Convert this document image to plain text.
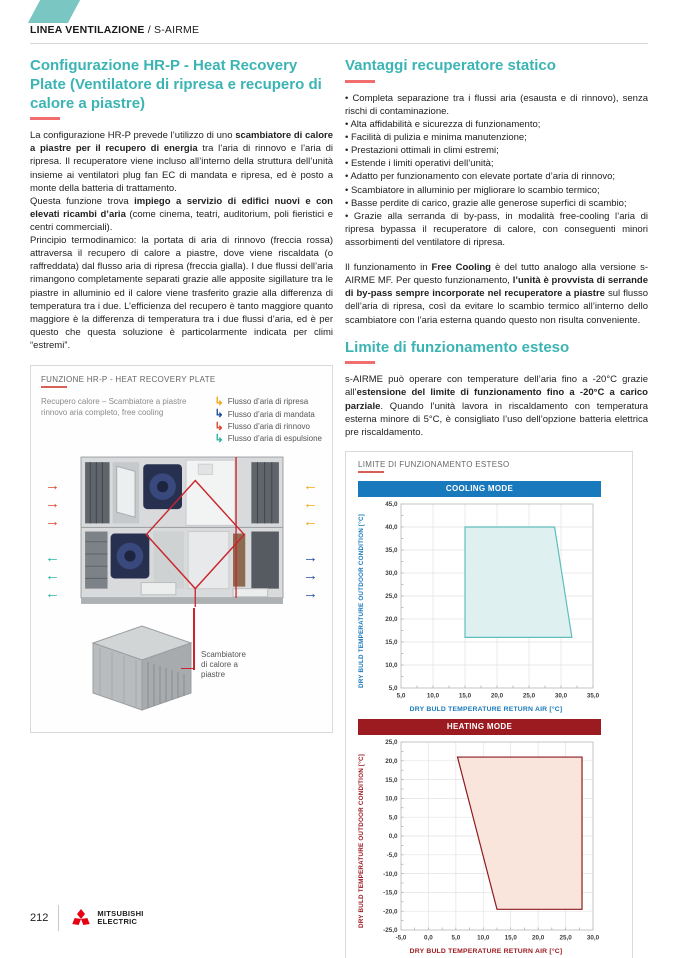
LINEA VENTILAZIONE / S-AIRME
Configurazione HR-P - Heat Recovery Plate (Ventilatore di ripresa e recupero di calore a piastre)

La configurazione HR-P prevede l’utilizzo di uno scambiatore di calore a piastre per il recupero di energia tra l’aria di rinnovo e l’aria di ripresa. Il recuperatore viene incluso all’interno della struttura dell’unità insieme ai ventilatori plug fan EC di mandata e ripresa, ed è posto a monte della batteria di trattamento.

Questa funzione trova impiego a servizio di edifici nuovi e con elevati ricambi d’aria (come cinema, teatri, auditorium, poli fieristici e centri commerciali).

Principio termodinamico: la portata di aria di rinnovo (freccia rossa) attraversa il recupero di calore a piastre, dove viene riscaldata (o raffreddata) dal flusso aria di ripresa (freccia gialla). I due flussi dell’aria rimangono completamente separati grazie alle apposite sigillature tra le piastre in alluminio ed il calore viene trasferito grazie alla differenza di temperatura tra i due. L’efficienza del recupero è tanto maggiore quanto maggiore è la differenza di temperatura tra i due flussi d’aria, ed è per questo che questa soluzione è particolarmente indicata per climi “estremi”.

FUNZIONE HR-P - HEAT RECOVERY PLATE
Recupero calore – Scambiatore a piastre
rinnovo aria completo, free cooling
↳ Flusso d’aria di ripresa
↳ Flusso d’aria di mandata
↳ Flusso d’aria di rinnovo
↳ Flusso d’aria di espulsione
→
→
→
←
←
←
←
←
←
→
→
→
Scambiatore
di calore a
piastre
Vantaggi recuperatore statico
• Completa separazione tra i flussi aria (esausta e di rinnovo), senza rischi di contaminazione.
• Alta affidabilità e sicurezza di funzionamento;
• Facilità di pulizia e minima manutenzione;
• Prestazioni ottimali in climi estremi;
• Estende i limiti operativi dell’unità;
• Adatto per funzionamento con elevate portate d’aria di rinnovo;
• Scambiatore in alluminio per migliorare lo scambio termico;
• Basse perdite di carico, grazie alle generose superfici di scambio;
• Grazie alla serranda di by-pass, in modalità free-cooling l’aria di ripresa bypassa il recuperatore di calore, con conseguenti minori assorbimenti del ventilatore di ripresa.

Il funzionamento in Free Cooling è del tutto analogo alla versione s-AIRME MF. Per questo funzionamento, l’unità è provvista di serrande di by-pass sempre incorporate nel recuperatore a piastre sul flusso dell’aria di ripresa, così da evitare lo scambio termico all’interno dello scambiatore con l’aria esterna quando questo non risulta conveniente.

Limite di funzionamento esteso

s-AIRME può operare con temperature dell’aria fino a -20°C grazie all’estensione del limite di funzionamento fino a -20°C a carico parziale. Quando l’unità lavora in riscaldamento con temperatura esterna minore di 5°C, è consigliato l’uso dell’opzione batteria elettrica pre riscaldamento.

LIMITE DI FUNZIONAMENTO ESTESO
COOLING MODE
DRY BULD TEMPERATURE OUTDOOR CONDITION [°C]
5,0	10,0	15,0	20,0	25,0	30,0	35,0
5,0
10,0
15,0
20,0
25,0
30,0
35,0
40,0
45,0
DRY BULD TEMPERATURE RETURN AIR [°C]
HEATING MODE
DRY BULD TEMPERATURE OUTDOOR CONDITION [°C]
-5,0	0,0	5,0	10,0 15,0 20,0 25,0 30,0
-25,0
-20,0
-15,0
-10,0
-5,0
0,0
5,0
10,0
15,0
20,0
25,0
DRY BULD TEMPERATURE RETURN AIR [°C]
212	MITSUBISHI
ELECTRIC
